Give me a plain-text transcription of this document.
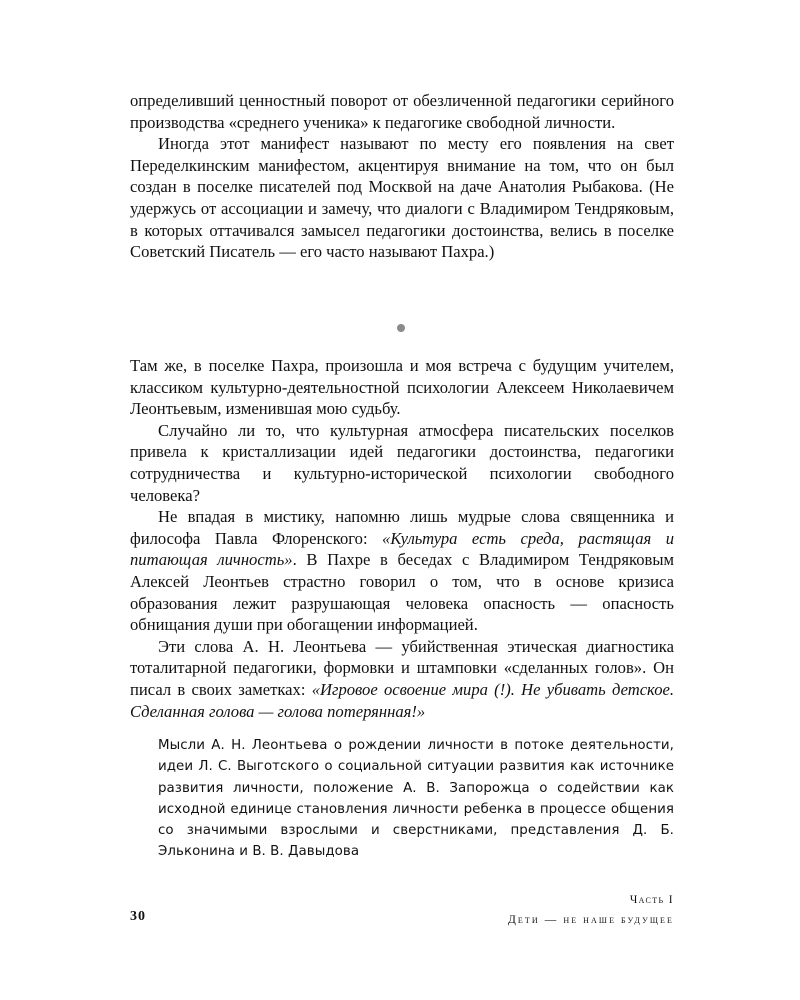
определивший ценностный поворот от обезличенной педагогики серийного производства «среднего ученика» к педагогике свободной личности.

Иногда этот манифест называют по месту его появления на свет Переделкинским манифестом, акцентируя внимание на том, что он был создан в поселке писателей под Москвой на даче Анатолия Рыбакова. (Не удержусь от ассоциации и замечу, что диалоги с Владимиром Тендряковым, в которых оттачивался замысел педагогики достоинства, велись в поселке Советский Писатель — его часто называют Пахра.)

Там же, в поселке Пахра, произошла и моя встреча с будущим учителем, классиком культурно-деятельностной психологии Алексеем Николаевичем Леонтьевым, изменившая мою судьбу.

Случайно ли то, что культурная атмосфера писательских поселков привела к кристаллизации идей педагогики достоинства, педагогики сотрудничества и культурно-исторической психологии свободного человека?

Не впадая в мистику, напомню лишь мудрые слова священника и философа Павла Флоренского: «Культура есть среда, растящая и питающая личность». В Пахре в беседах с Владимиром Тендряковым Алексей Леонтьев страстно говорил о том, что в основе кризиса образования лежит разрушающая человека опасность — опасность обнищания души при обогащении информацией.

Эти слова А. Н. Леонтьева — убийственная этическая диагностика тоталитарной педагогики, формовки и штамповки «сделанных голов». Он писал в своих заметках: «Игровое освоение мира (!). Не убивать детское. Сделанная голова — голова потерянная!»

Мысли А. Н. Леонтьева о рождении личности в потоке деятельности, идеи Л. С. Выготского о социальной ситуации развития как источнике развития личности, положение А. В. Запорожца о содействии как исходной единице становления личности ребенка в процессе общения со значимыми взрослыми и сверстниками, представления Д. Б. Эльконина и В. В. Давыдова

30
Часть I
Дети — не наше будущее
